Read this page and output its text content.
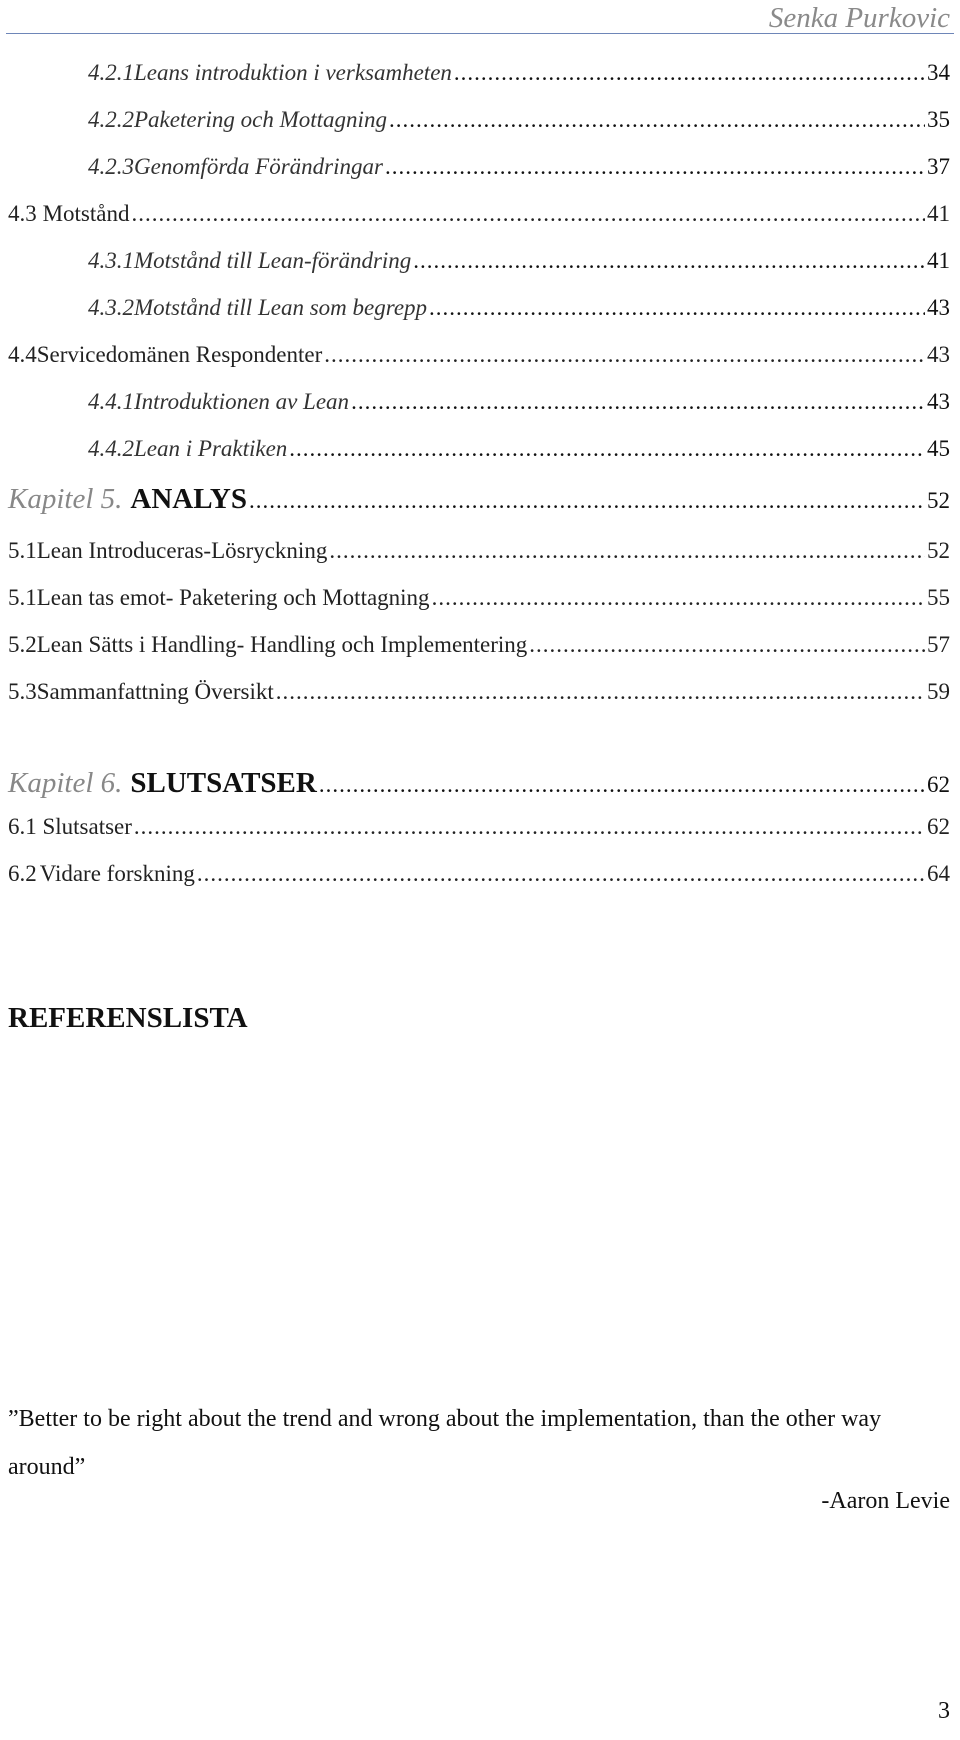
Senka Purkovic
4.2.1 Leans introduktion i verksamheten .....	34
4.2.2 Paketering och Mottagning .....	35
4.2.3 Genomförda Förändringar .....	37
4.3 Motstånd .....	41
4.3.1 Motstånd till Lean-förändring .....	41
4.3.2 Motstånd till Lean som begrepp .....	43
4.4 Servicedomänen Respondenter .....	43
4.4.1 Introduktionen av Lean .....	43
4.4.2 Lean i Praktiken .....	45
Kapitel 5. ANALYS .....	52
5.1 Lean Introduceras-Lösryckning .....	52
5.1 Lean tas emot- Paketering och Mottagning .....	55
5.2 Lean Sätts i Handling- Handling och Implementering .....	57
5.3 Sammanfattning Översikt .....	59
Kapitel 6. SLUTSATSER .....	62
6.1 Slutsatser .....	62
6.2 Vidare forskning .....	64
REFERENSLISTA
”Better to be right about the trend and wrong about the implementation, than the other way around”
-Aaron Levie
3
